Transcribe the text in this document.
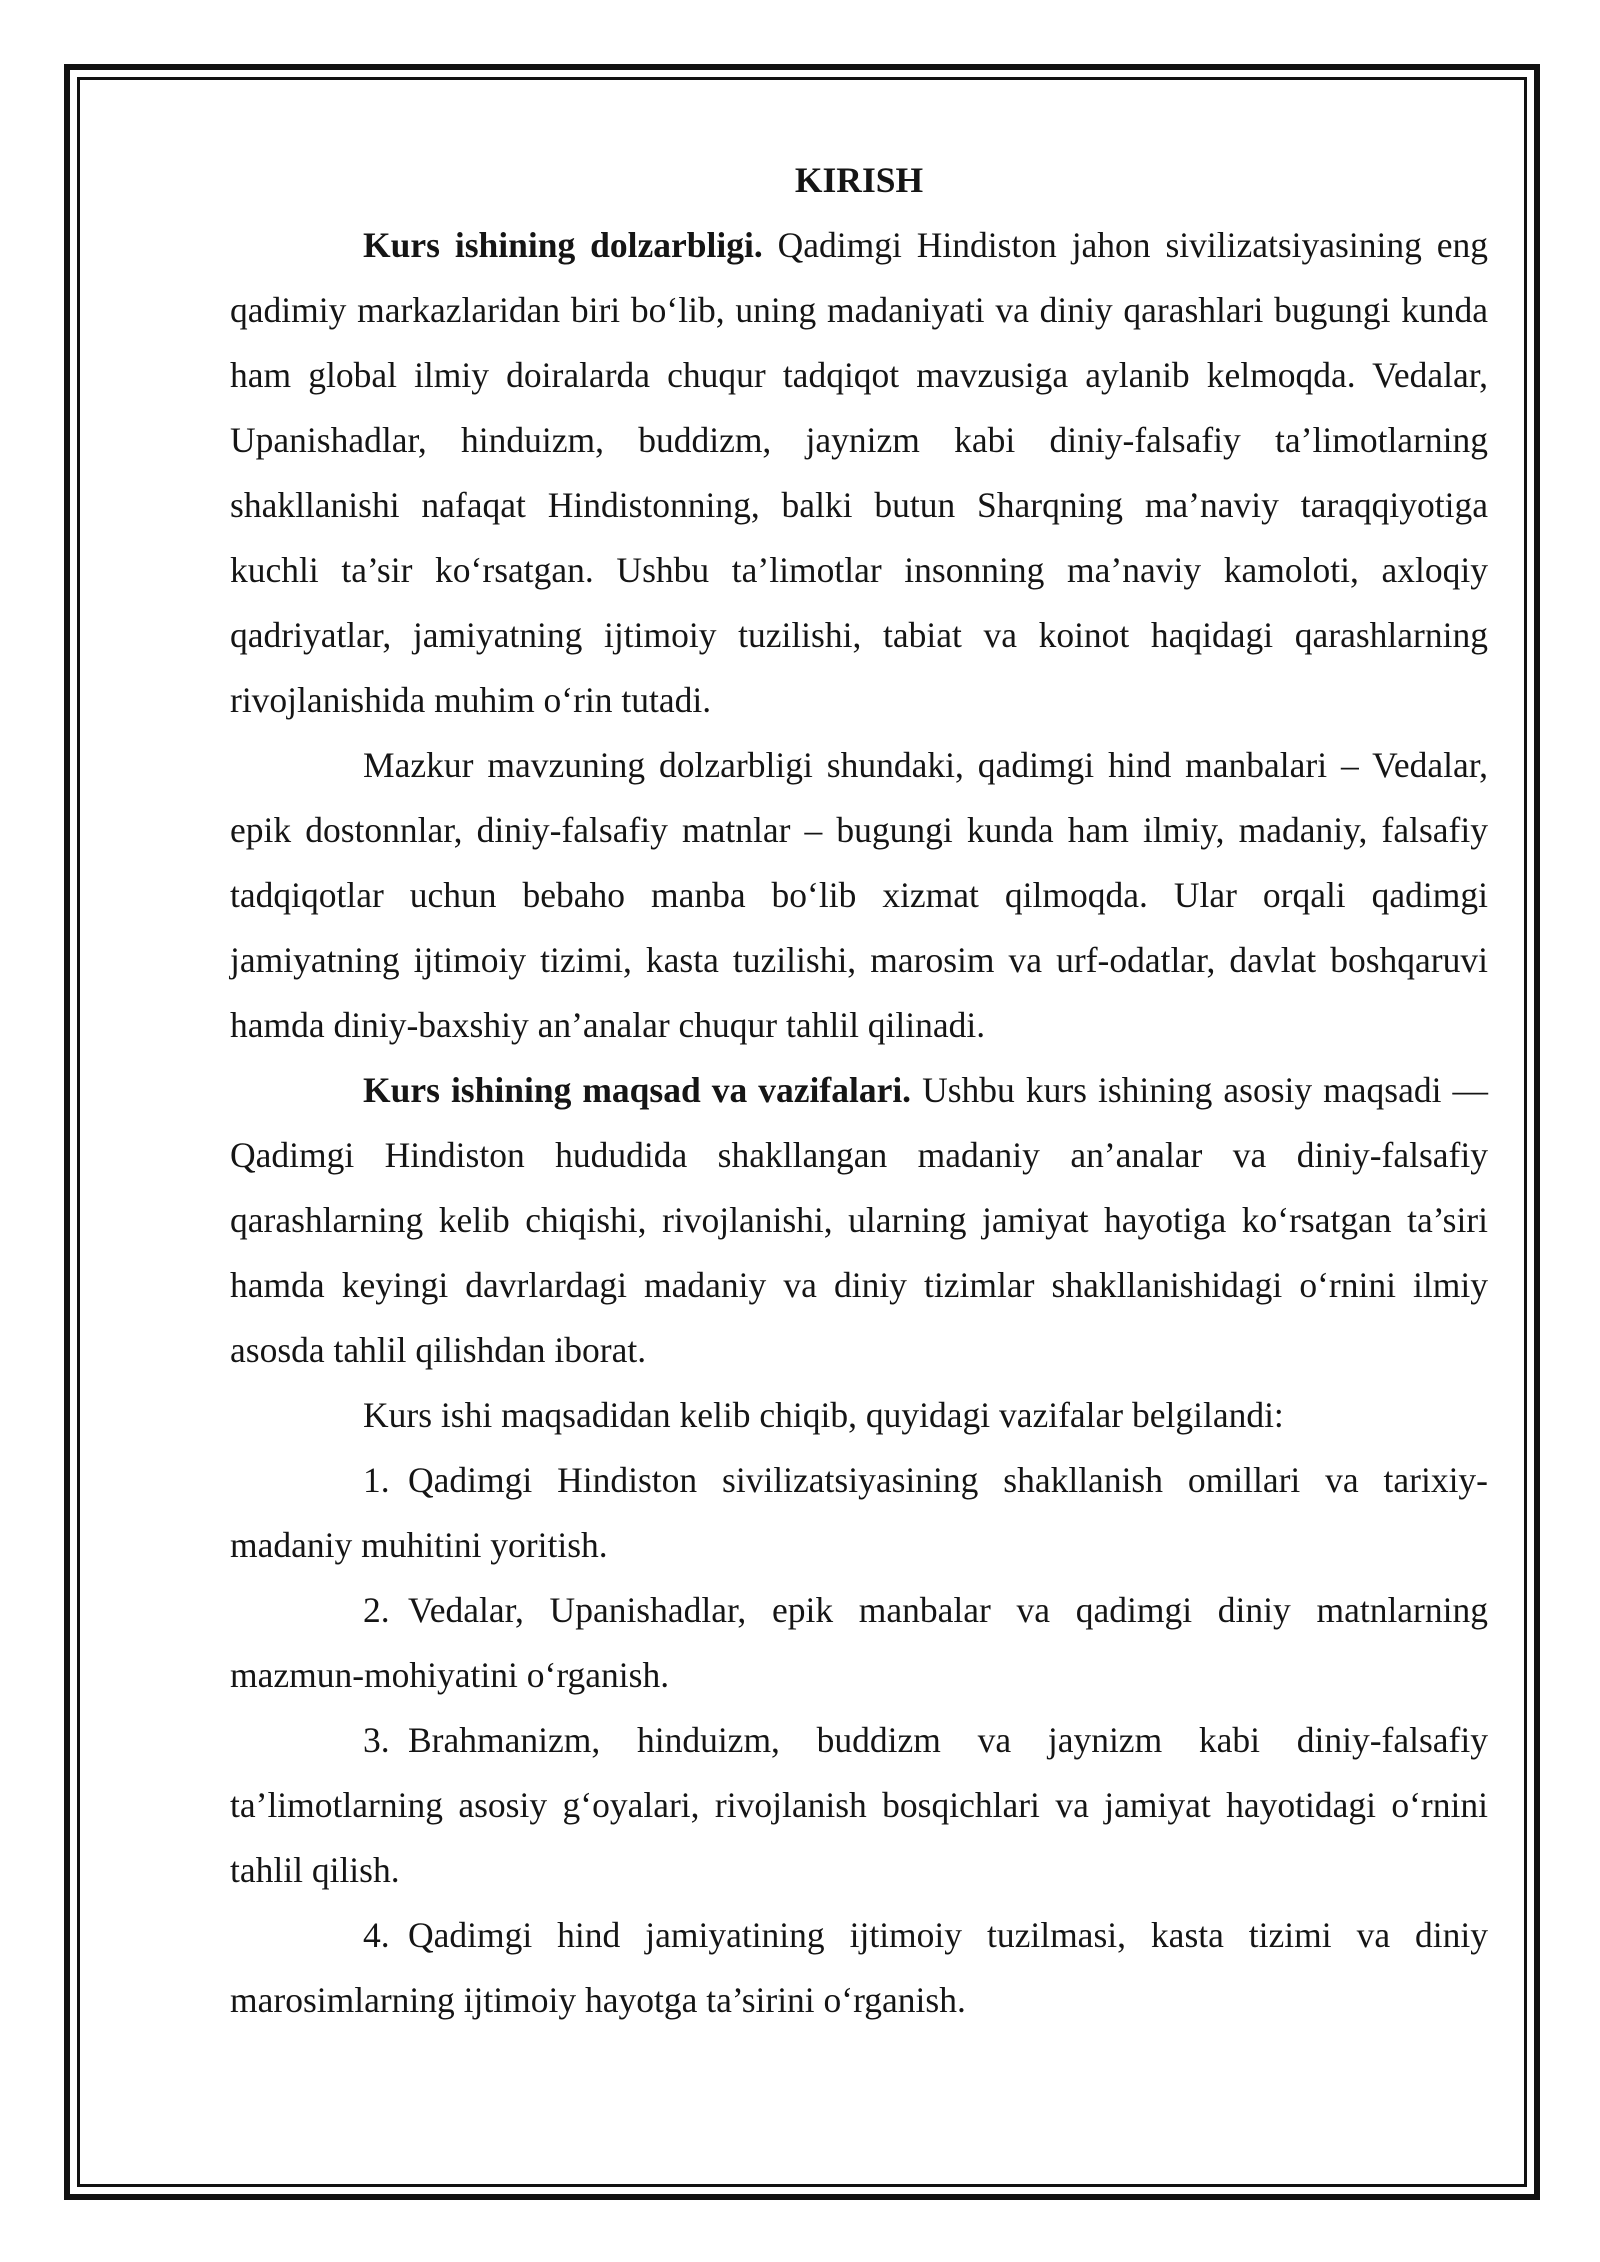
KIRISH

Kurs ishining dolzarbligi. Qadimgi Hindiston jahon sivilizatsiyasining eng qadimiy markazlaridan biri bo‘lib, uning madaniyati va diniy qarashlari bugungi kunda ham global ilmiy doiralarda chuqur tadqiqot mavzusiga aylanib kelmoqda. Vedalar, Upanishadlar, hinduizm, buddizm, jaynizm kabi diniy-falsafiy ta’limotlarning shakllanishi nafaqat Hindistonning, balki butun Sharqning ma’naviy taraqqiyotiga kuchli ta’sir ko‘rsatgan. Ushbu ta’limotlar insonning ma’naviy kamoloti, axloqiy qadriyatlar, jamiyatning ijtimoiy tuzilishi, tabiat va koinot haqidagi qarashlarning rivojlanishida muhim o‘rin tutadi.

Mazkur mavzuning dolzarbligi shundaki, qadimgi hind manbalari – Vedalar, epik dostonnlar, diniy-falsafiy matnlar – bugungi kunda ham ilmiy, madaniy, falsafiy tadqiqotlar uchun bebaho manba bo‘lib xizmat qilmoqda. Ular orqali qadimgi jamiyatning ijtimoiy tizimi, kasta tuzilishi, marosim va urf-odatlar, davlat boshqaruvi hamda diniy-baxshiy an’analar chuqur tahlil qilinadi.

Kurs ishining maqsad va vazifalari. Ushbu kurs ishining asosiy maqsadi — Qadimgi Hindiston hududida shakllangan madaniy an’analar va diniy-falsafiy qarashlarning kelib chiqishi, rivojlanishi, ularning jamiyat hayotiga ko‘rsatgan ta’siri hamda keyingi davrlardagi madaniy va diniy tizimlar shakllanishidagi o‘rnini ilmiy asosda tahlil qilishdan iborat.

Kurs ishi maqsadidan kelib chiqib, quyidagi vazifalar belgilandi:

1. Qadimgi Hindiston sivilizatsiyasining shakllanish omillari va tarixiy-madaniy muhitini yoritish.

2. Vedalar, Upanishadlar, epik manbalar va qadimgi diniy matnlarning mazmun-mohiyatini o‘rganish.

3. Brahmanizm, hinduizm, buddizm va jaynizm kabi diniy-falsafiy ta’limotlarning asosiy g‘oyalari, rivojlanish bosqichlari va jamiyat hayotidagi o‘rnini tahlil qilish.

4. Qadimgi hind jamiyatining ijtimoiy tuzilmasi, kasta tizimi va diniy marosimlarning ijtimoiy hayotga ta’sirini o‘rganish.
